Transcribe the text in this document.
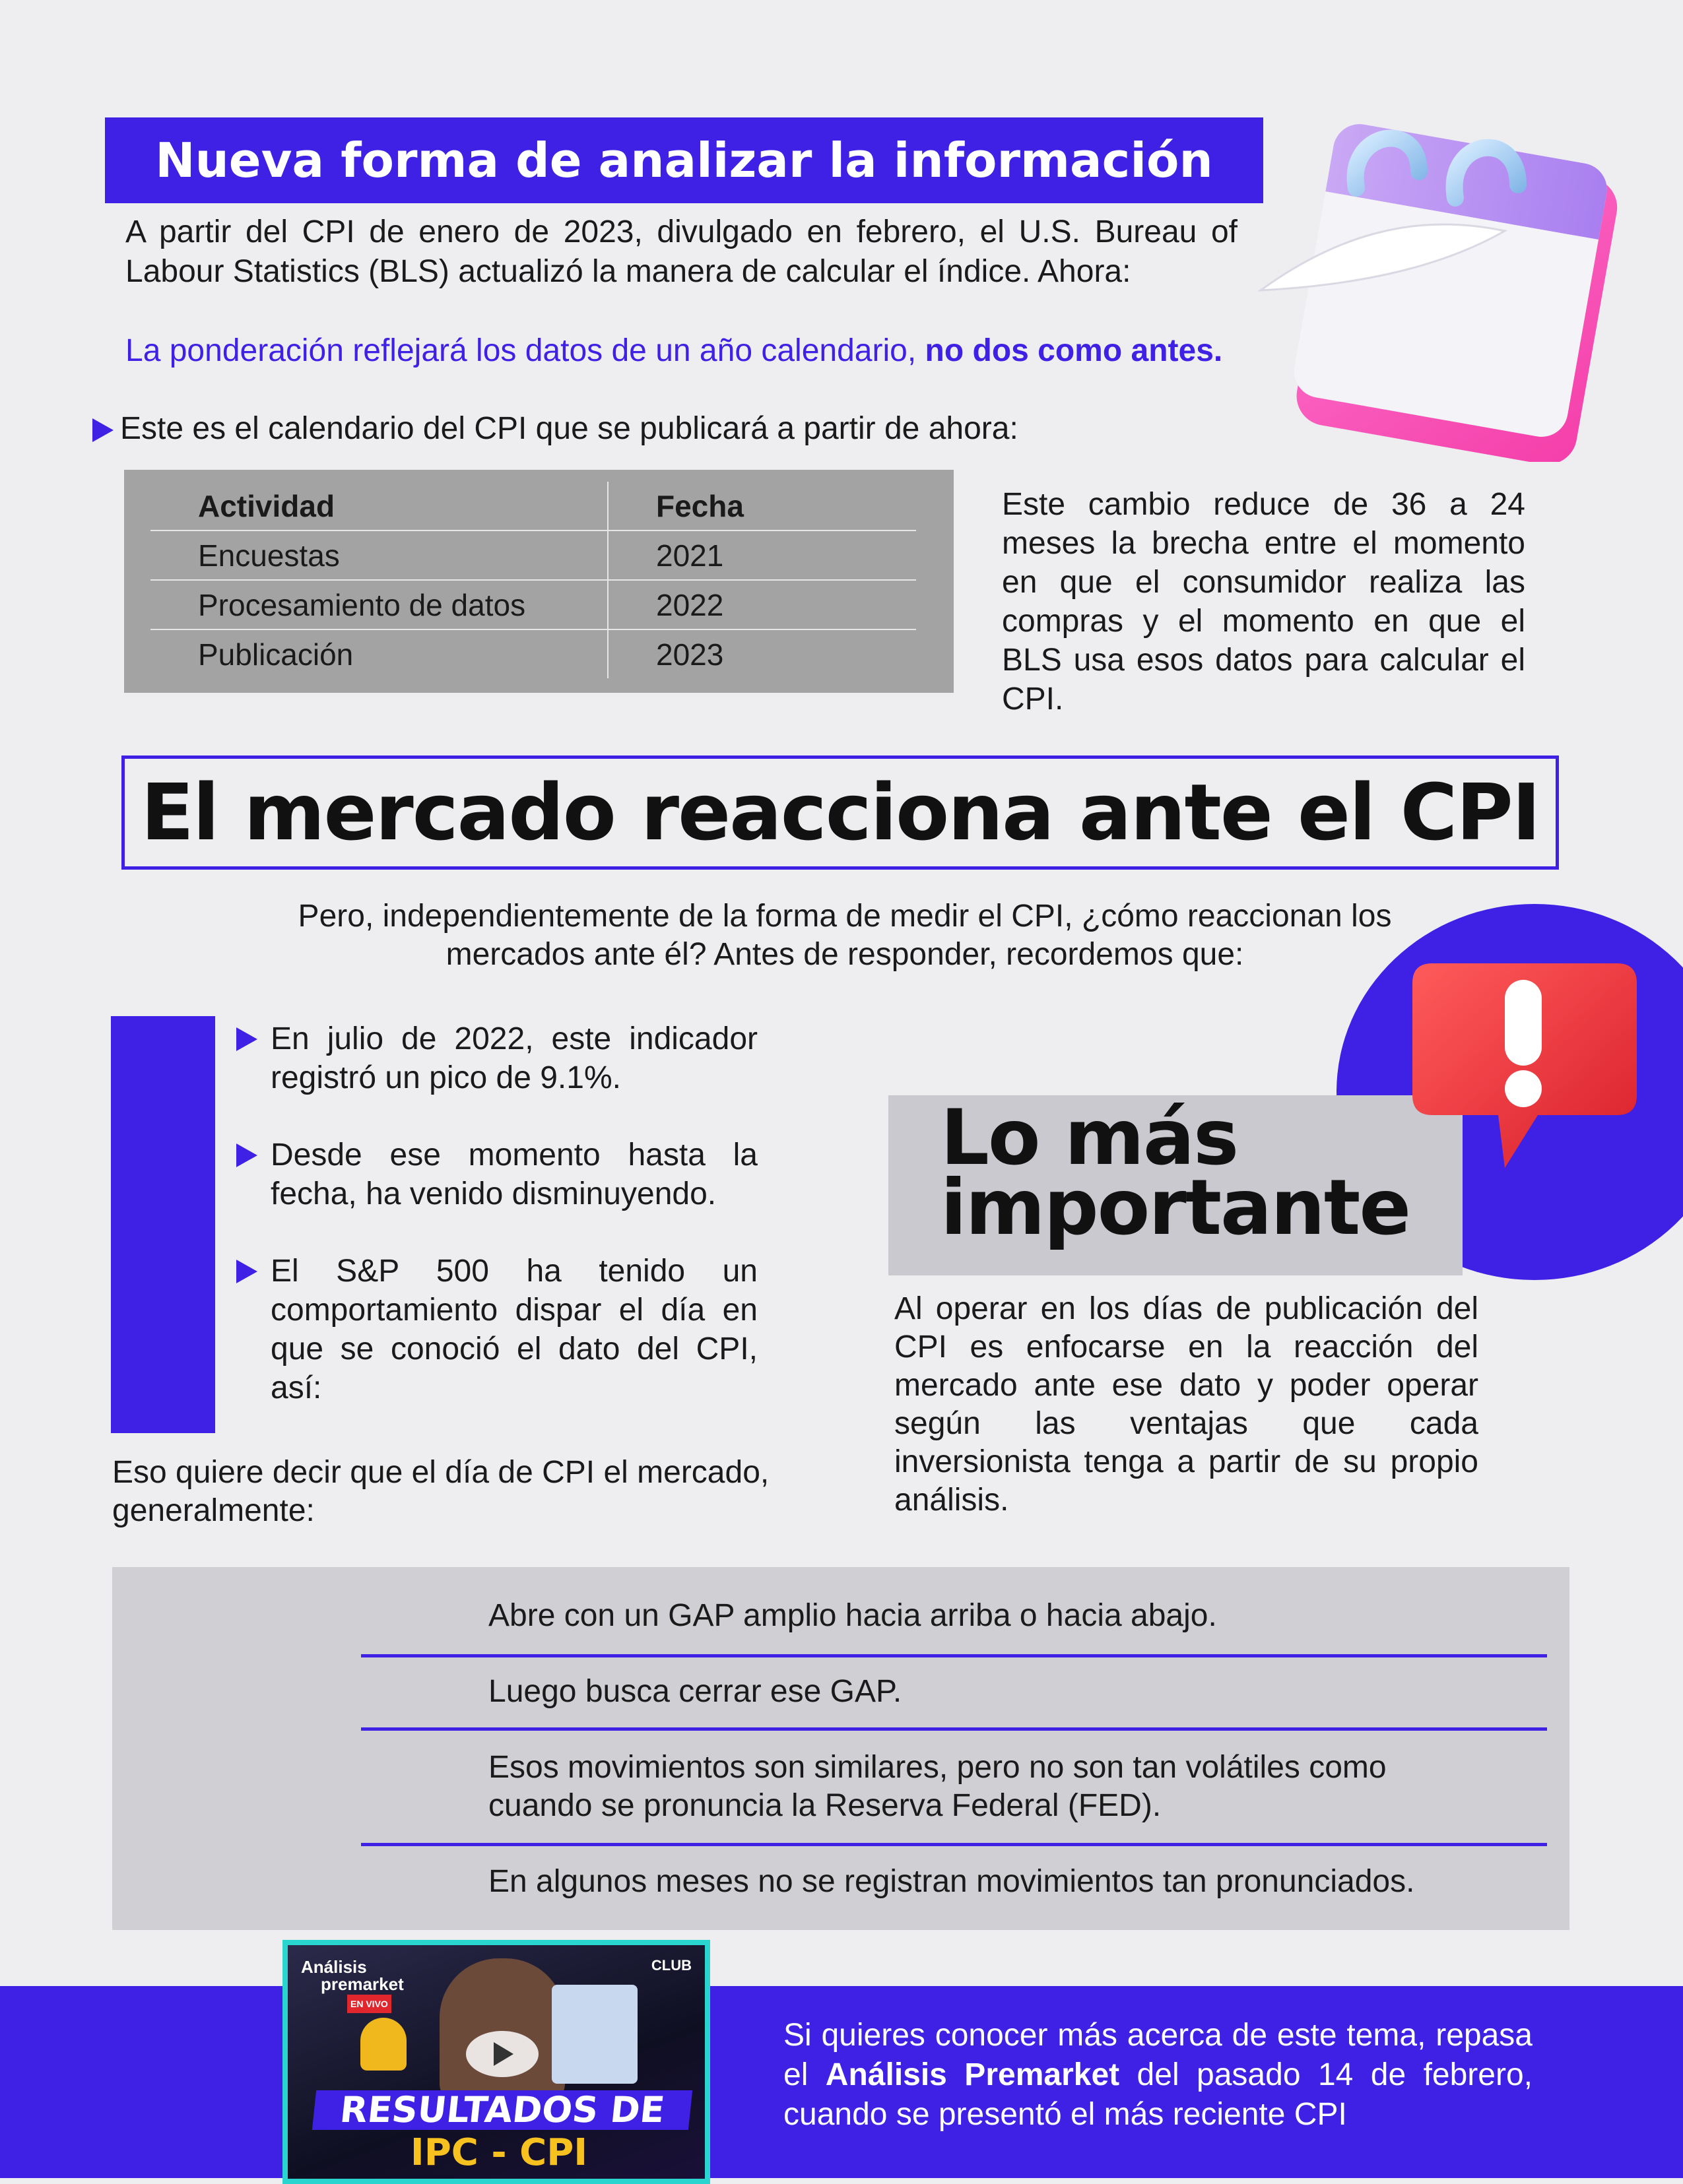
Nueva forma de analizar la información
A partir del CPI de enero de 2023, divulgado en febrero, el U.S. Bureau of Labour Statistics (BLS) actualizó la manera de calcular el índice. Ahora:
La ponderación reflejará los datos de un año calendario, no dos como antes.
Este es el calendario del CPI que se publicará a partir de ahora:
Actividad	Fecha
Encuestas	2021
Procesamiento de datos	2022
Publicación	2023
Este cambio reduce de 36 a 24 meses la brecha entre el momento en que el consumidor realiza las compras y el momento en que el BLS usa esos datos para calcular el CPI.
El mercado reacciona ante el CPI
Pero, independientemente de la forma de medir el CPI, ¿cómo reaccionan los mercados ante él? Antes de responder, recordemos que:
En julio de 2022, este indicador registró un pico de 9.1%.
Desde ese momento hasta la fecha, ha venido disminuyendo.
El S&P 500 ha tenido un comportamiento dispar el día en que se conoció el dato del CPI, así:
Lo más
importante
Al operar en los días de publicación del CPI es enfocarse en la reacción del mercado ante ese dato y poder operar según las ventajas que cada inversionista tenga a partir de su propio análisis.
Eso quiere decir que el día de CPI el mercado, generalmente:
Abre con un GAP amplio hacia arriba o hacia abajo.
Luego busca cerrar ese GAP.
Esos movimientos son similares, pero no son tan volátiles como cuando se pronuncia la Reserva Federal (FED).
En algunos meses no se registran movimientos tan pronunciados.
Análisis
premarket
EN VIVO
CLUB
RESULTADOS DE
IPC - CPI
Si quieres conocer más acerca de este tema, repasa el Análisis Premarket del pasado 14 de febrero, cuando se presentó el más reciente CPI
